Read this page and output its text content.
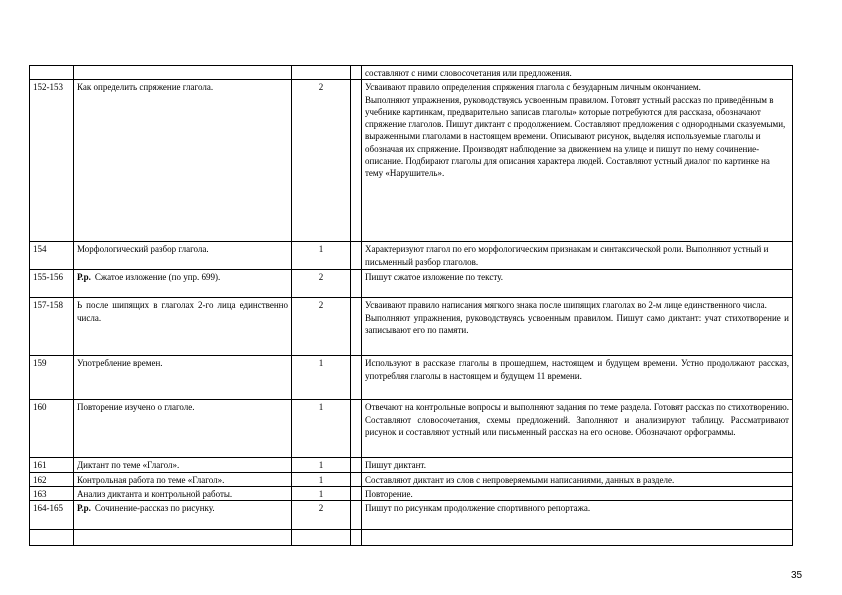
				составляют с ними словосочетания или предложения.

152-153	Как определить спряжение глагола.	2		Усваивают правило определения спряжения глагола с безударным личным окончанием.
Выполняют упражнения, руководствуясь усвоенным правилом. Готовят устный рассказ по приведённым в учебнике картинкам, предварительно записав глаголы» которые потребуются для рассказа, обозначают спряжение глаголов. Пишут диктант с продолжением. Составляют предложения с однородными сказуемыми, выраженными глаголами в настоящем времени. Описывают рисунок, выделяя используемые глаголы и обозначая их спряжение. Производят наблюдение за движением на улице и пишут по нему сочинение- описание. Подбирают глаголы для описания характера людей. Составляют устный диалог по картинке на тему «Нарушитель».

154	Морфологический разбор глагола.	1		Характеризуют глагол по его морфологическим признакам и синтаксической роли. Выполняют устный и письменный разбор глаголов.

155-156	Р.р. Сжатое изложение (по упр. 699).	2		Пишут сжатое изложение по тексту.

157-158	Ь после шипящих в глаголах 2-го лица единственно числа.	2		Усваивают правило написания мягкого знака после шипящих глаголах во 2-м лице единственного числа.
Выполняют упражнения, руководствуясь усвоенным правилом. Пишут само диктант: учат стихотворение и записывают его по памяти.

159	Употребление времен.	1		Используют в рассказе глаголы в прошедшем, настоящем и будущем времени. Устно продолжают рассказ, употребляя глаголы в настоящем и будущем 11 времени.

160	Повторение изучено о глаголе.	1		Отвечают на контрольные вопросы и выполняют задания по теме раздела. Готовят рассказ по стихотворению. Составляют словосочетания, схемы предложений. Заполняют и анализируют таблицу. Рассматривают рисунок и составляют устный или письменный рассказ на его основе. Обозначают орфограммы.

161	Диктант по теме «Глагол».	1		Пишут диктант.

162	Контрольная работа по теме «Глагол».	1		Составляют диктант из слов с непроверяемыми написаниями, данных в разделе.

163	Анализ диктанта и контрольной работы.	1		Повторение.

164-165	Р.р. Сочинение-рассказ по рисунку.	2		Пишут по рисункам продолжение спортивного репортажа.

35
